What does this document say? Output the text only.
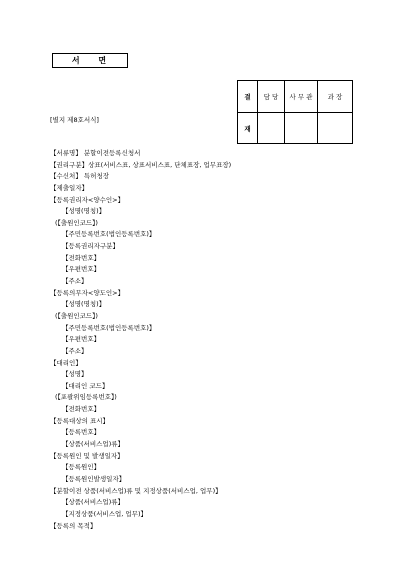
서 면
결	담 당	사 무 관	과 장
재			
[별지 제8호서식]
【서류명】 분할이전등록신청서
【권리구분】상표(서비스표, 상표서비스표, 단체표장, 업무표장)
【수신처】 특허청장
【제출일자】
【등록권리자<양수인>】
【성명(명칭)】
(【출원인코드】)
【주민등록번호(법인등록번호)】
【등록권리자구분】
【전화번호】
【우편번호】
【주소】
【등록의무자<양도인>】
【성명(명칭)】
(【출원인코드】)
【주민등록번호(법인등록번호)】
【우편번호】
【주소】
【대리인】
【성명】
【대리인 코드】
(【포괄위임등록번호】)
【전화번호】
【등록대상의 표시】
【등록번호】
【상품(서비스업)류】
【등록원인 및 발생일자】
【등록원인】
【등록원인발생일자】
【분할이전 상품(서비스업)류 및 지정상품(서비스업, 업무)】
【상품(서비스업)류】
【지정상품(서비스업, 업무)】
【등록의 목적】
